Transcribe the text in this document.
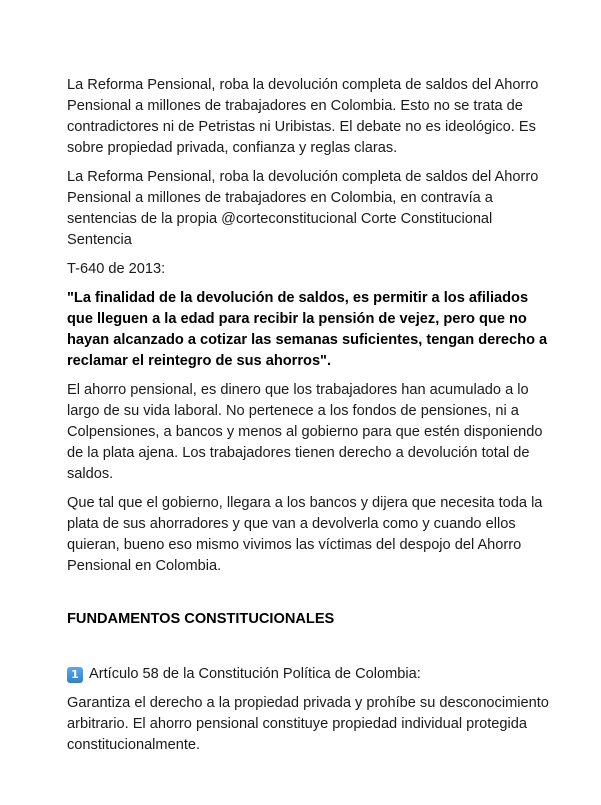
La Reforma Pensional, roba la devolución completa de saldos del Ahorro Pensional a millones de trabajadores en Colombia. Esto no se trata de contradictores ni de Petristas ni Uribistas. El debate no es ideológico. Es sobre propiedad privada, confianza y reglas claras.

La Reforma Pensional, roba la devolución completa de saldos del Ahorro Pensional a millones de trabajadores en Colombia, en contravía a sentencias de la propia @corteconstitucional Corte Constitucional Sentencia

T-640 de 2013:

"La finalidad de la devolución de saldos, es permitir a los afiliados que lleguen a la edad para recibir la pensión de vejez, pero que no hayan alcanzado a cotizar las semanas suficientes, tengan derecho a reclamar el reintegro de sus ahorros".

El ahorro pensional, es dinero que los trabajadores han acumulado a lo largo de su vida laboral. No pertenece a los fondos de pensiones, ni a Colpensiones, a bancos y menos al gobierno para que estén disponiendo de la plata ajena. Los trabajadores tienen derecho a devolución total de saldos.

Que tal que el gobierno, llegara a los bancos y dijera que necesita toda la plata de sus ahorradores y que van a devolverla como y cuando ellos quieran, bueno eso mismo vivimos las víctimas del despojo del Ahorro Pensional en Colombia.

FUNDAMENTOS CONSTITUCIONALES

1 Artículo 58 de la Constitución Política de Colombia:

Garantiza el derecho a la propiedad privada y prohíbe su desconocimiento arbitrario. El ahorro pensional constituye propiedad individual protegida constitucionalmente.
